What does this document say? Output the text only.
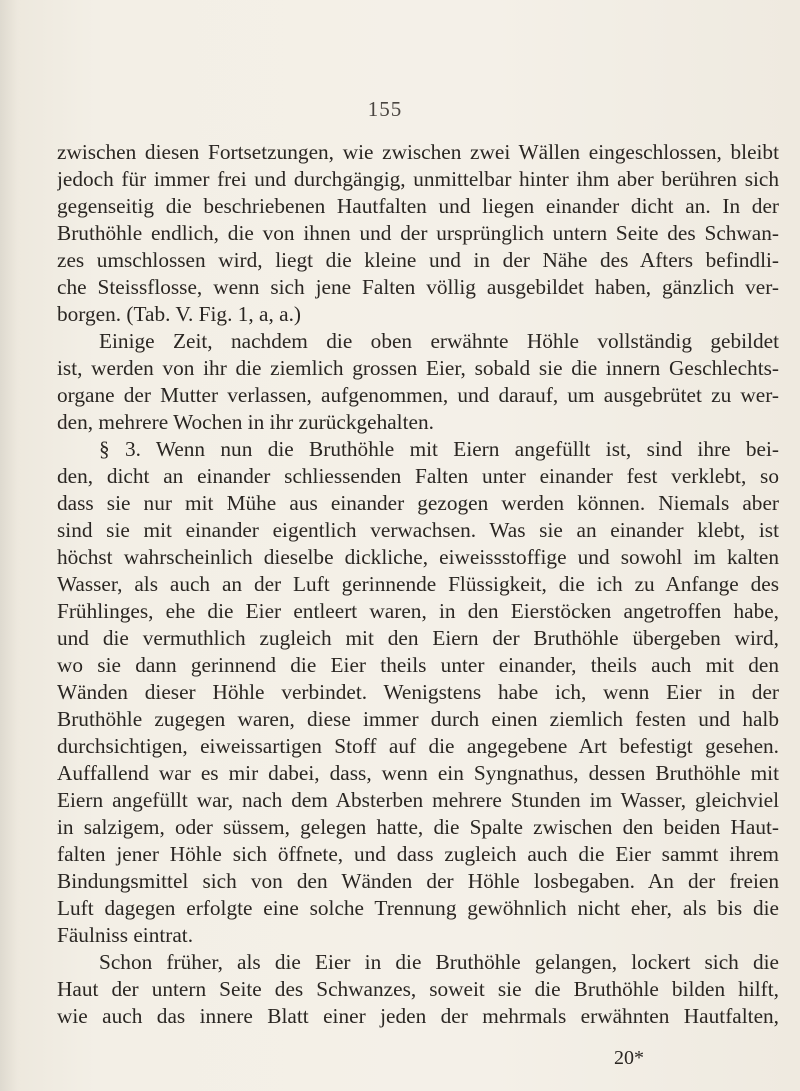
155
zwischen diesen Fortsetzungen, wie zwischen zwei Wällen eingeschlossen, bleibt
jedoch für immer frei und durchgängig, unmittelbar hinter ihm aber berühren sich
gegenseitig die beschriebenen Hautfalten und liegen einander dicht an. In der
Bruthöhle endlich, die von ihnen und der ursprünglich untern Seite des Schwan-
zes umschlossen wird, liegt die kleine und in der Nähe des Afters befindli-
che Steissflosse, wenn sich jene Falten völlig ausgebildet haben, gänzlich ver-
borgen. (Tab. V. Fig. 1, a, a.)
Einige Zeit, nachdem die oben erwähnte Höhle vollständig gebildet
ist, werden von ihr die ziemlich grossen Eier, sobald sie die innern Geschlechts-
organe der Mutter verlassen, aufgenommen, und darauf, um ausgebrütet zu wer-
den, mehrere Wochen in ihr zurückgehalten.
§ 3. Wenn nun die Bruthöhle mit Eiern angefüllt ist, sind ihre bei-
den, dicht an einander schliessenden Falten unter einander fest verklebt, so
dass sie nur mit Mühe aus einander gezogen werden können. Niemals aber
sind sie mit einander eigentlich verwachsen. Was sie an einander klebt, ist
höchst wahrscheinlich dieselbe dickliche, eiweissstoffige und sowohl im kalten
Wasser, als auch an der Luft gerinnende Flüssigkeit, die ich zu Anfange des
Frühlinges, ehe die Eier entleert waren, in den Eierstöcken angetroffen habe,
und die vermuthlich zugleich mit den Eiern der Bruthöhle übergeben wird,
wo sie dann gerinnend die Eier theils unter einander, theils auch mit den
Wänden dieser Höhle verbindet. Wenigstens habe ich, wenn Eier in der
Bruthöhle zugegen waren, diese immer durch einen ziemlich festen und halb
durchsichtigen, eiweissartigen Stoff auf die angegebene Art befestigt gesehen.
Auffallend war es mir dabei, dass, wenn ein Syngnathus, dessen Bruthöhle mit
Eiern angefüllt war, nach dem Absterben mehrere Stunden im Wasser, gleichviel
in salzigem, oder süssem, gelegen hatte, die Spalte zwischen den beiden Haut-
falten jener Höhle sich öffnete, und dass zugleich auch die Eier sammt ihrem
Bindungsmittel sich von den Wänden der Höhle losbegaben. An der freien
Luft dagegen erfolgte eine solche Trennung gewöhnlich nicht eher, als bis die
Fäulniss eintrat.
Schon früher, als die Eier in die Bruthöhle gelangen, lockert sich die
Haut der untern Seite des Schwanzes, soweit sie die Bruthöhle bilden hilft,
wie auch das innere Blatt einer jeden der mehrmals erwähnten Hautfalten,
20*
